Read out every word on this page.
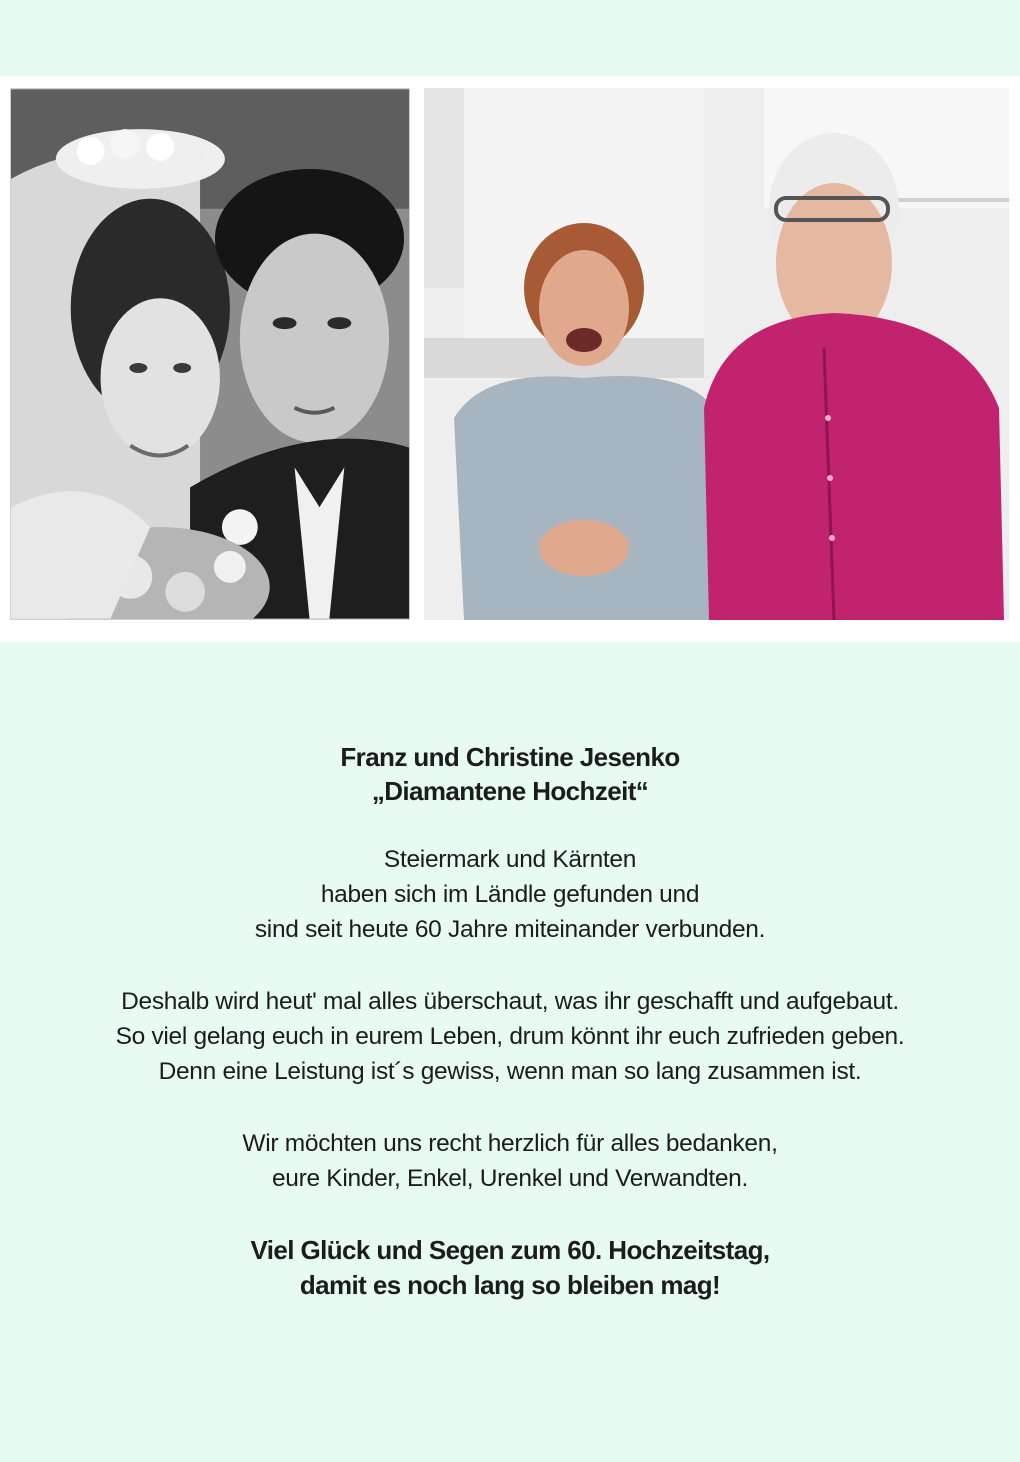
Franz und Christine Jesenko

„Diamantene Hochzeit“

Steiermark und Kärnten

haben sich im Ländle gefunden und

sind seit heute 60 Jahre miteinander verbunden.

Deshalb wird heut' mal alles überschaut, was ihr geschafft und aufgebaut.

So viel gelang euch in eurem Leben, drum könnt ihr euch zufrieden geben.

Denn eine Leistung ist´s gewiss, wenn man so lang zusammen ist.

Wir möchten uns recht herzlich für alles bedanken,

eure Kinder, Enkel, Urenkel und Verwandten.

Viel Glück und Segen zum 60. Hochzeitstag,

damit es noch lang so bleiben mag!
